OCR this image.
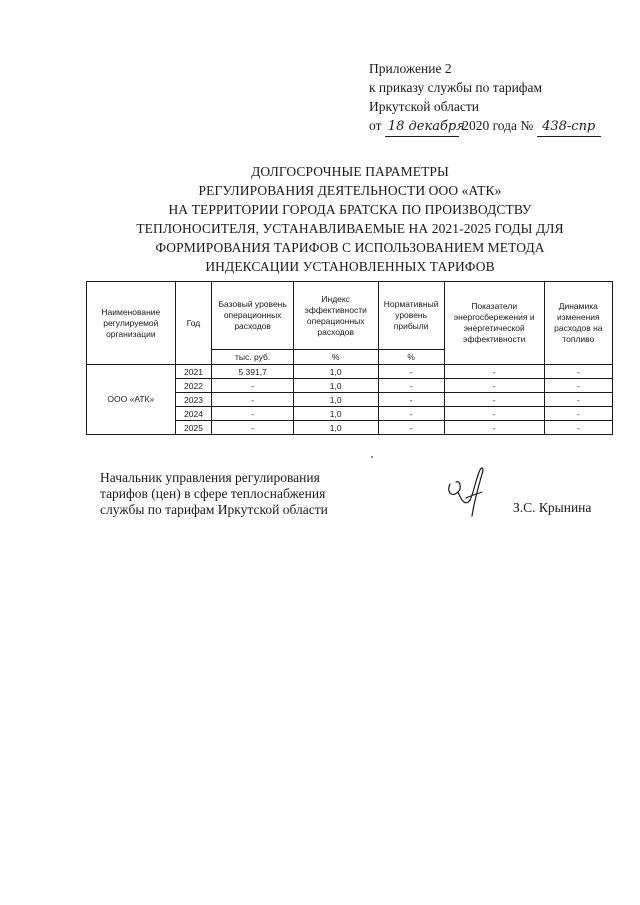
Приложение 2
к приказу службы по тарифам
Иркутской области
от 18 декабря 2020 года № 438-спр
ДОЛГОСРОЧНЫЕ ПАРАМЕТРЫ
РЕГУЛИРОВАНИЯ ДЕЯТЕЛЬНОСТИ ООО «АТК»
НА ТЕРРИТОРИИ ГОРОДА БРАТСКА ПО ПРОИЗВОДСТВУ
ТЕПЛОНОСИТЕЛЯ, УСТАНАВЛИВАЕМЫЕ НА 2021-2025 ГОДЫ ДЛЯ
ФОРМИРОВАНИЯ ТАРИФОВ С ИСПОЛЬЗОВАНИЕМ МЕТОДА
ИНДЕКСАЦИИ УСТАНОВЛЕННЫХ ТАРИФОВ
Наименование регулируемой организации	Год	Базовый уровень операционных расходов	Индекс эффективности операционных расходов	Нормативный уровень прибыли	Показатели энергосбережения и энергетической эффективности	Динамика изменения расходов на топливо
		тыс. руб.	%	%		
ООО «АТК»	2021	5 391,7	1,0	-	-	-
	2022	-	1,0	-	-	-
	2023	-	1,0	-	-	-
	2024	-	1,0	-	-	-
	2025	-	1,0	-	-	-
Начальник управления регулирования
тарифов (цен) в сфере теплоснабжения
службы по тарифам Иркутской области	З.С. Крынина
